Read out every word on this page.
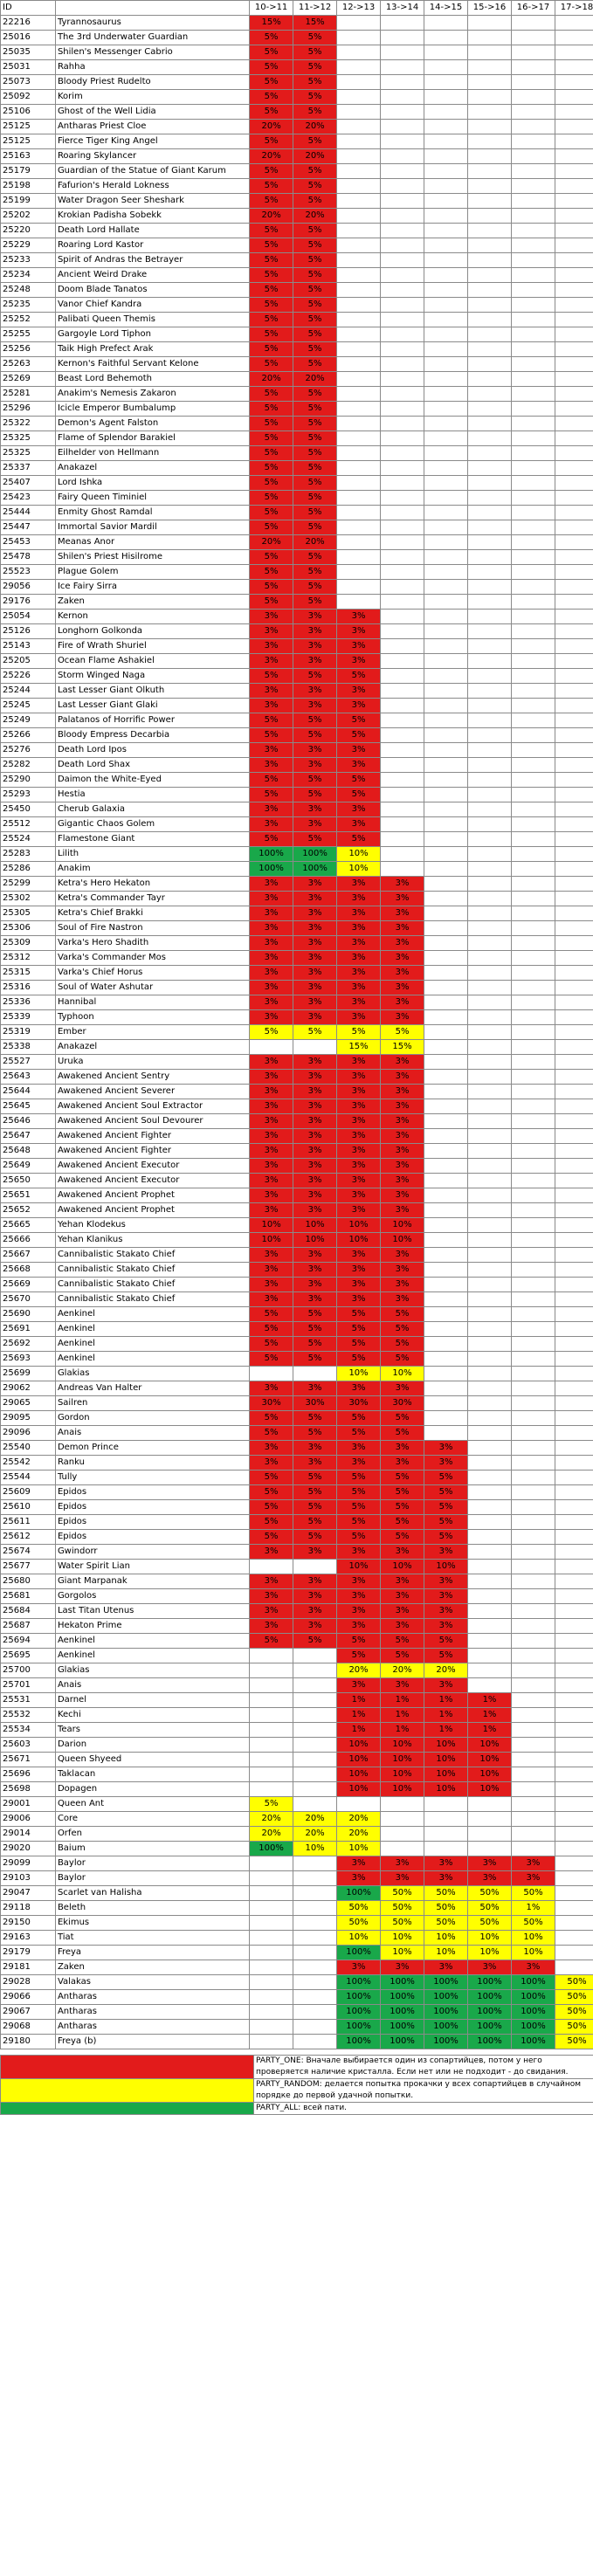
ID		10->11	11->12	12->13	13->14	14->15	15->16	16->17	17->18
22216	Tyrannosaurus	15%	15%						
25016	The 3rd Underwater Guardian	5%	5%						
25035	Shilen's Messenger Cabrio	5%	5%						
25031	Rahha	5%	5%						
25073	Bloody Priest Rudelto	5%	5%						
25092	Korim	5%	5%						
25106	Ghost of the Well Lidia	5%	5%						
25125	Antharas Priest Cloe	20%	20%						
25125	Fierce Tiger King Angel	5%	5%						
25163	Roaring Skylancer	20%	20%						
25179	Guardian of the Statue of Giant Karum	5%	5%						
25198	Fafurion's Herald Lokness	5%	5%						
25199	Water Dragon Seer Sheshark	5%	5%						
25202	Krokian Padisha Sobekk	20%	20%						
25220	Death Lord Hallate	5%	5%						
25229	Roaring Lord Kastor	5%	5%						
25233	Spirit of Andras the Betrayer	5%	5%						
25234	Ancient Weird Drake	5%	5%						
25248	Doom Blade Tanatos	5%	5%						
25235	Vanor Chief Kandra	5%	5%						
25252	Palibati Queen Themis	5%	5%						
25255	Gargoyle Lord Tiphon	5%	5%						
25256	Taik High Prefect Arak	5%	5%						
25263	Kernon's Faithful Servant Kelone	5%	5%						
25269	Beast Lord Behemoth	20%	20%						
25281	Anakim's Nemesis Zakaron	5%	5%						
25296	Icicle Emperor Bumbalump	5%	5%						
25322	Demon's Agent Falston	5%	5%						
25325	Flame of Splendor Barakiel	5%	5%						
25325	Eilhelder von Hellmann	5%	5%						
25337	Anakazel	5%	5%						
25407	Lord Ishka	5%	5%						
25423	Fairy Queen Timiniel	5%	5%						
25444	Enmity Ghost Ramdal	5%	5%						
25447	Immortal Savior Mardil	5%	5%						
25453	Meanas Anor	20%	20%						
25478	Shilen's Priest Hisilrome	5%	5%						
25523	Plague Golem	5%	5%						
29056	Ice Fairy Sirra	5%	5%						
29176	Zaken	5%	5%						
25054	Kernon	3%	3%	3%					
25126	Longhorn Golkonda	3%	3%	3%					
25143	Fire of Wrath Shuriel	3%	3%	3%					
25205	Ocean Flame Ashakiel	3%	3%	3%					
25226	Storm Winged Naga	5%	5%	5%					
25244	Last Lesser Giant Olkuth	3%	3%	3%					
25245	Last Lesser Giant Glaki	3%	3%	3%					
25249	Palatanos of Horrific Power	5%	5%	5%					
25266	Bloody Empress Decarbia	5%	5%	5%					
25276	Death Lord Ipos	3%	3%	3%					
25282	Death Lord Shax	3%	3%	3%					
25290	Daimon the White-Eyed	5%	5%	5%					
25293	Hestia	5%	5%	5%					
25450	Cherub Galaxia	3%	3%	3%					
25512	Gigantic Chaos Golem	3%	3%	3%					
25524	Flamestone Giant	5%	5%	5%					
25283	Lilith	100%	100%	10%					
25286	Anakim	100%	100%	10%					
25299	Ketra's Hero Hekaton	3%	3%	3%	3%				
25302	Ketra's Commander Tayr	3%	3%	3%	3%				
25305	Ketra's Chief Brakki	3%	3%	3%	3%				
25306	Soul of Fire Nastron	3%	3%	3%	3%				
25309	Varka's Hero Shadith	3%	3%	3%	3%				
25312	Varka's Commander Mos	3%	3%	3%	3%				
25315	Varka's Chief Horus	3%	3%	3%	3%				
25316	Soul of Water Ashutar	3%	3%	3%	3%				
25336	Hannibal	3%	3%	3%	3%				
25339	Typhoon	3%	3%	3%	3%				
25319	Ember	5%	5%	5%	5%				
25338	Anakazel			15%	15%				
25527	Uruka	3%	3%	3%	3%				
25643	Awakened Ancient Sentry	3%	3%	3%	3%				
25644	Awakened Ancient Severer	3%	3%	3%	3%				
25645	Awakened Ancient Soul Extractor	3%	3%	3%	3%				
25646	Awakened Ancient Soul Devourer	3%	3%	3%	3%				
25647	Awakened Ancient Fighter	3%	3%	3%	3%				
25648	Awakened Ancient Fighter	3%	3%	3%	3%				
25649	Awakened Ancient Executor	3%	3%	3%	3%				
25650	Awakened Ancient Executor	3%	3%	3%	3%				
25651	Awakened Ancient Prophet	3%	3%	3%	3%				
25652	Awakened Ancient Prophet	3%	3%	3%	3%				
25665	Yehan Klodekus	10%	10%	10%	10%				
25666	Yehan Klanikus	10%	10%	10%	10%				
25667	Cannibalistic Stakato Chief	3%	3%	3%	3%				
25668	Cannibalistic Stakato Chief	3%	3%	3%	3%				
25669	Cannibalistic Stakato Chief	3%	3%	3%	3%				
25670	Cannibalistic Stakato Chief	3%	3%	3%	3%				
25690	Aenkinel	5%	5%	5%	5%				
25691	Aenkinel	5%	5%	5%	5%				
25692	Aenkinel	5%	5%	5%	5%				
25693	Aenkinel	5%	5%	5%	5%				
25699	Glakias			10%	10%				
29062	Andreas Van Halter	3%	3%	3%	3%				
29065	Sailren	30%	30%	30%	30%				
29095	Gordon	5%	5%	5%	5%				
29096	Anais	5%	5%	5%	5%				
25540	Demon Prince	3%	3%	3%	3%	3%			
25542	Ranku	3%	3%	3%	3%	3%			
25544	Tully	5%	5%	5%	5%	5%			
25609	Epidos	5%	5%	5%	5%	5%			
25610	Epidos	5%	5%	5%	5%	5%			
25611	Epidos	5%	5%	5%	5%	5%			
25612	Epidos	5%	5%	5%	5%	5%			
25674	Gwindorr	3%	3%	3%	3%	3%			
25677	Water Spirit Lian			10%	10%	10%			
25680	Giant Marpanak	3%	3%	3%	3%	3%			
25681	Gorgolos	3%	3%	3%	3%	3%			
25684	Last Titan Utenus	3%	3%	3%	3%	3%			
25687	Hekaton Prime	3%	3%	3%	3%	3%			
25694	Aenkinel	5%	5%	5%	5%	5%			
25695	Aenkinel			5%	5%	5%			
25700	Glakias			20%	20%	20%			
25701	Anais			3%	3%	3%			
25531	Darnel			1%	1%	1%	1%		
25532	Kechi			1%	1%	1%	1%		
25534	Tears			1%	1%	1%	1%		
25603	Darion			10%	10%	10%	10%		
25671	Queen Shyeed			10%	10%	10%	10%		
25696	Taklacan			10%	10%	10%	10%		
25698	Dopagen			10%	10%	10%	10%		
29001	Queen Ant	5%							
29006	Core	20%	20%	20%					
29014	Orfen	20%	20%	20%					
29020	Baium	100%	10%	10%					
29099	Baylor			3%	3%	3%	3%	3%	
29103	Baylor			3%	3%	3%	3%	3%	
29047	Scarlet van Halisha			100%	50%	50%	50%	50%	
29118	Beleth			50%	50%	50%	50%	1%	
29150	Ekimus			50%	50%	50%	50%	50%	
29163	Tiat			10%	10%	10%	10%	10%	
29179	Freya			100%	10%	10%	10%	10%	
29181	Zaken			3%	3%	3%	3%	3%	
29028	Valakas			100%	100%	100%	100%	100%	50%
29066	Antharas			100%	100%	100%	100%	100%	50%
29067	Antharas			100%	100%	100%	100%	100%	50%
29068	Antharas			100%	100%	100%	100%	100%	50%
29180	Freya (b)			100%	100%	100%	100%	100%	50%
	PARTY_ONE: Вначале выбирается один из сопартийцев, потом у него проверяется наличие кристалла. Если нет или не подходит - до свидания.
	PARTY_RANDOM: делается попытка прокачки у всех сопартийцев в случайном порядке до первой удачной попытки.
	PARTY_ALL: всей пати.
